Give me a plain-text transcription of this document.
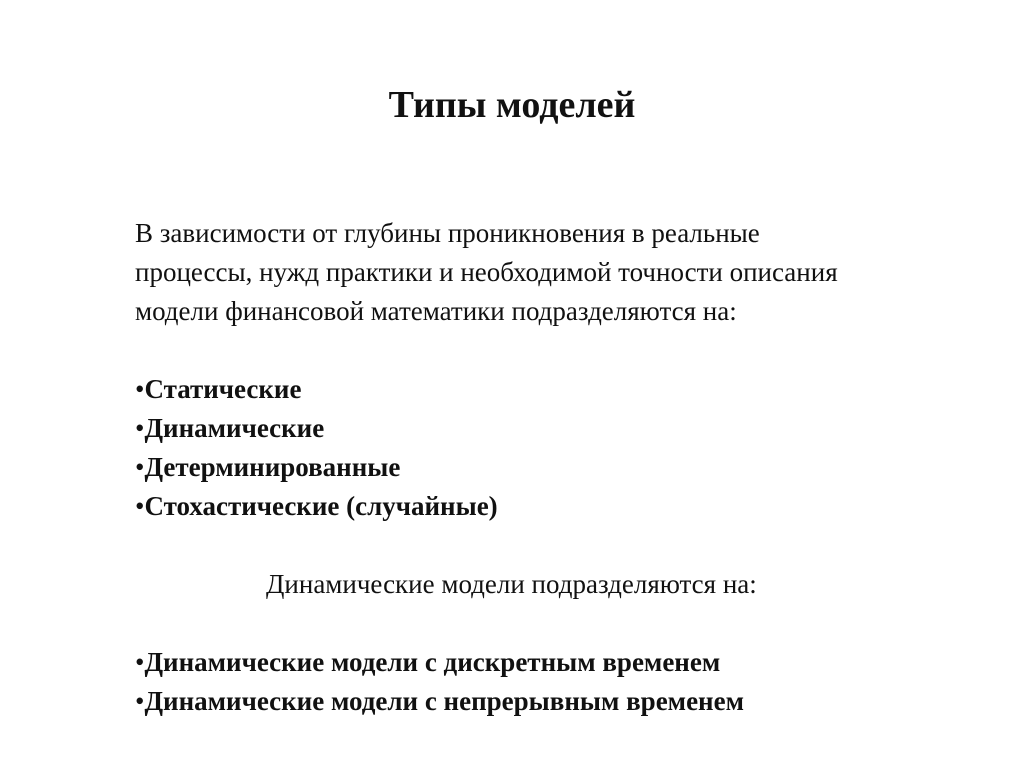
Типы моделей

В зависимости от глубины проникновения в реальные
процессы, нужд практики и необходимой точности описания
модели финансовой математики подразделяются на:

•Статические
•Динамические
•Детерминированные
•Стохастические (случайные)
Динамические модели подразделяются на:
•Динамические модели с дискретным временем
•Динамические модели с непрерывным временем
